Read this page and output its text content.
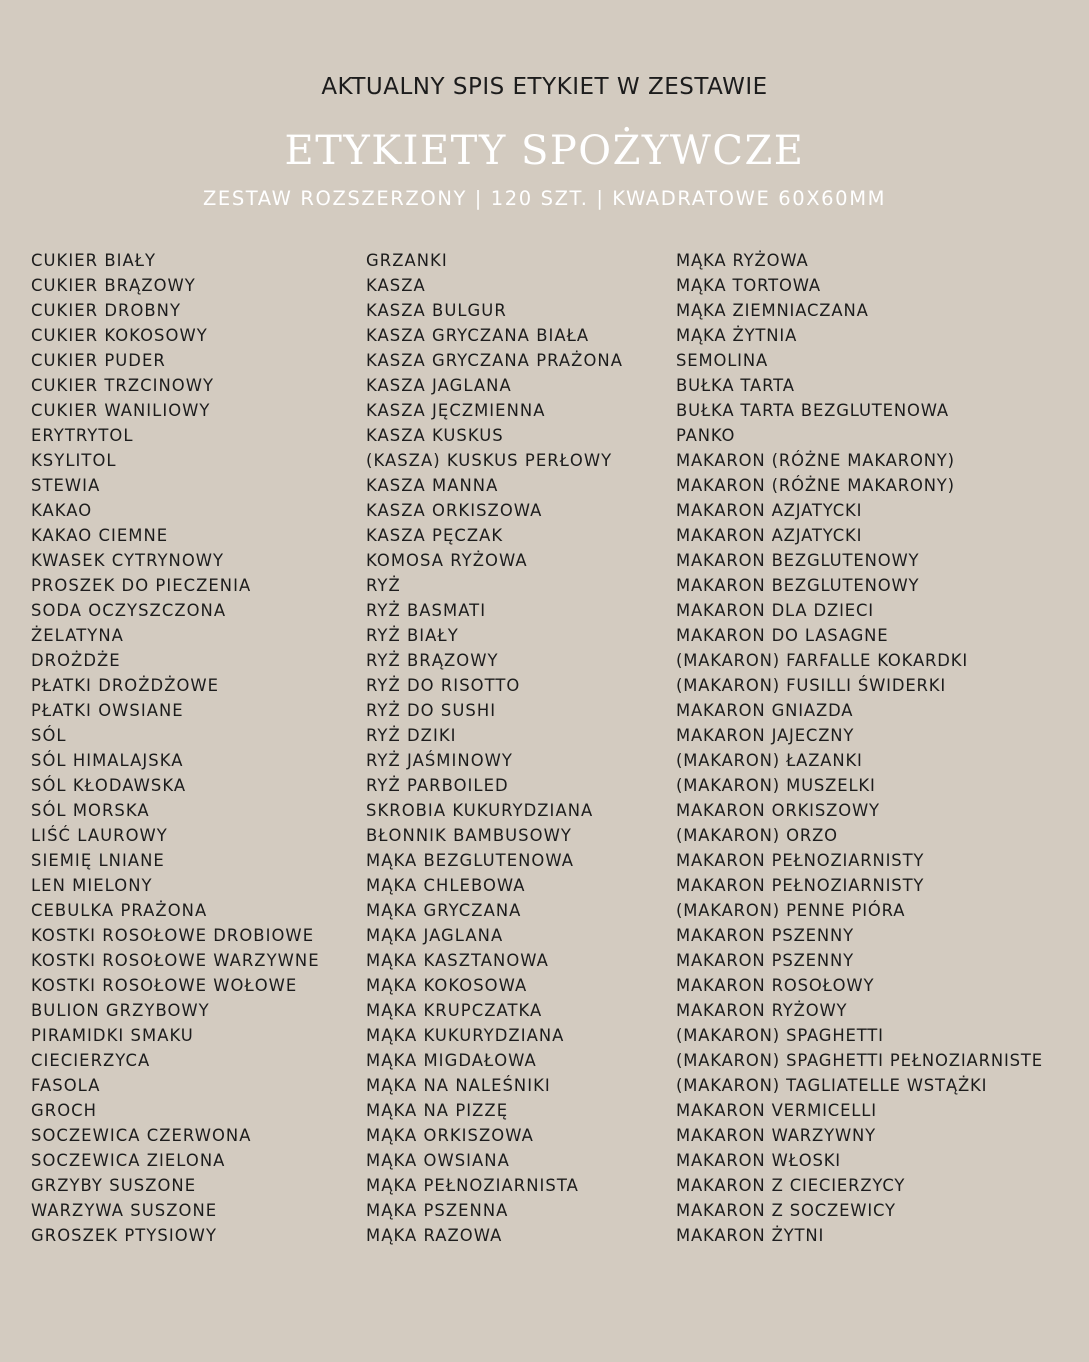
AKTUALNY SPIS ETYKIET W ZESTAWIE
ETYKIETY SPOŻYWCZE
ZESTAW ROZSZERZONY | 120 SZT. | KWADRATOWE 60X60MM
CUKIER BIAŁY
CUKIER BRĄZOWY
CUKIER DROBNY
CUKIER KOKOSOWY
CUKIER PUDER
CUKIER TRZCINOWY
CUKIER WANILIOWY
ERYTRYTOL
KSYLITOL
STEWIA
KAKAO
KAKAO CIEMNE
KWASEK CYTRYNOWY
PROSZEK DO PIECZENIA
SODA OCZYSZCZONA
ŻELATYNA
DROŻDŻE
PŁATKI DROŻDŻOWE
PŁATKI OWSIANE
SÓL
SÓL HIMALAJSKA
SÓL KŁODAWSKA
SÓL MORSKA
LIŚĆ LAUROWY
SIEMIĘ LNIANE
LEN MIELONY
CEBULKA PRAŻONA
KOSTKI ROSOŁOWE DROBIOWE
KOSTKI ROSOŁOWE WARZYWNE
KOSTKI ROSOŁOWE WOŁOWE
BULION GRZYBOWY
PIRAMIDKI SMAKU
CIECIERZYCA
FASOLA
GROCH
SOCZEWICA CZERWONA
SOCZEWICA ZIELONA
GRZYBY SUSZONE
WARZYWA SUSZONE
GROSZEK PTYSIOWY
GRZANKI
KASZA
KASZA BULGUR
KASZA GRYCZANA BIAŁA
KASZA GRYCZANA PRAŻONA
KASZA JAGLANA
KASZA JĘCZMIENNA
KASZA KUSKUS
(KASZA) KUSKUS PERŁOWY
KASZA MANNA
KASZA ORKISZOWA
KASZA PĘCZAK
KOMOSA RYŻOWA
RYŻ
RYŻ BASMATI
RYŻ BIAŁY
RYŻ BRĄZOWY
RYŻ DO RISOTTO
RYŻ DO SUSHI
RYŻ DZIKI
RYŻ JAŚMINOWY
RYŻ PARBOILED
SKROBIA KUKURYDZIANA
BŁONNIK BAMBUSOWY
MĄKA BEZGLUTENOWA
MĄKA CHLEBOWA
MĄKA GRYCZANA
MĄKA JAGLANA
MĄKA KASZTANOWA
MĄKA KOKOSOWA
MĄKA KRUPCZATKA
MĄKA KUKURYDZIANA
MĄKA MIGDAŁOWA
MĄKA NA NALEŚNIKI
MĄKA NA PIZZĘ
MĄKA ORKISZOWA
MĄKA OWSIANA
MĄKA PEŁNOZIARNISTA
MĄKA PSZENNA
MĄKA RAZOWA
MĄKA RYŻOWA
MĄKA TORTOWA
MĄKA ZIEMNIACZANA
MĄKA ŻYTNIA
SEMOLINA
BUŁKA TARTA
BUŁKA TARTA BEZGLUTENOWA
PANKO
MAKARON (RÓŻNE MAKARONY)
MAKARON (RÓŻNE MAKARONY)
MAKARON AZJATYCKI
MAKARON AZJATYCKI
MAKARON BEZGLUTENOWY
MAKARON BEZGLUTENOWY
MAKARON DLA DZIECI
MAKARON DO LASAGNE
(MAKARON) FARFALLE KOKARDKI
(MAKARON) FUSILLI ŚWIDERKI
MAKARON GNIAZDA
MAKARON JAJECZNY
(MAKARON) ŁAZANKI
(MAKARON) MUSZELKI
MAKARON ORKISZOWY
(MAKARON) ORZO
MAKARON PEŁNOZIARNISTY
MAKARON PEŁNOZIARNISTY
(MAKARON) PENNE PIÓRA
MAKARON PSZENNY
MAKARON PSZENNY
MAKARON ROSOŁOWY
MAKARON RYŻOWY
(MAKARON) SPAGHETTI
(MAKARON) SPAGHETTI PEŁNOZIARNISTE
(MAKARON) TAGLIATELLE WSTĄŻKI
MAKARON VERMICELLI
MAKARON WARZYWNY
MAKARON WŁOSKI
MAKARON Z CIECIERZYCY
MAKARON Z SOCZEWICY
MAKARON ŻYTNI
